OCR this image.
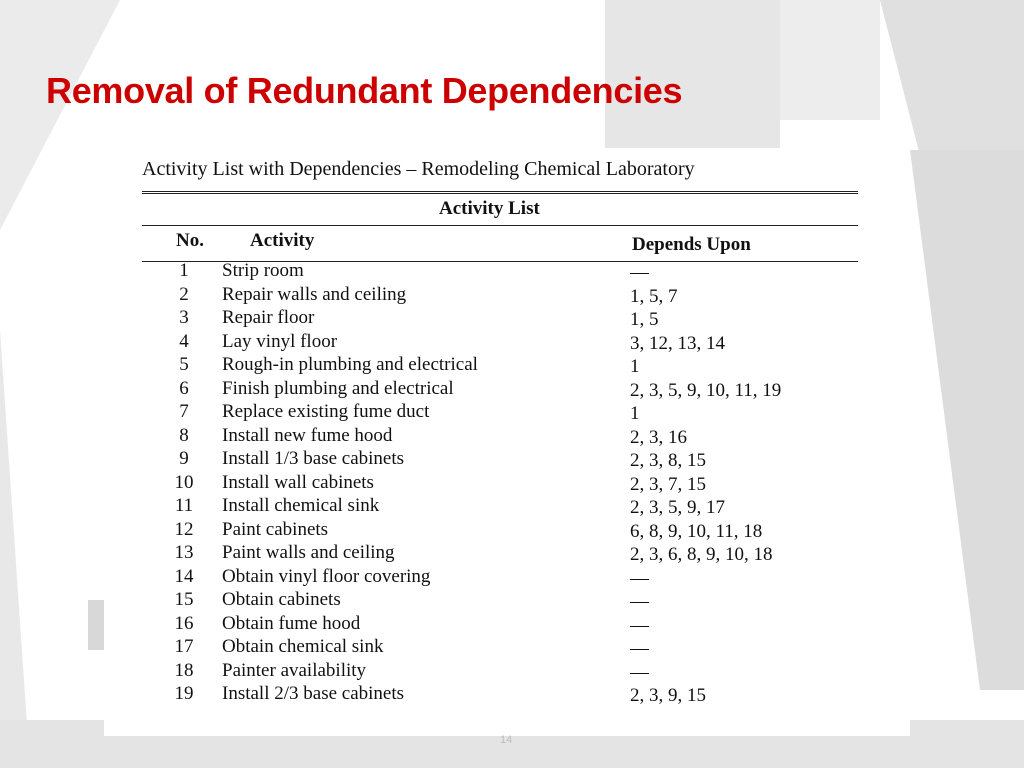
Removal of Redundant Dependencies
Activity List with Dependencies – Remodeling Chemical Laboratory
Activity List
No. Activity	Depends Upon
1	Strip room	—
2	Repair walls and ceiling	1, 5, 7
3	Repair floor	1, 5
4	Lay vinyl floor	3, 12, 13, 14
5	Rough-in plumbing and electrical	1
6	Finish plumbing and electrical	2, 3, 5, 9, 10, 11, 19
7	Replace existing fume duct	1
8	Install new fume hood	2, 3, 16
9	Install 1/3 base cabinets	2, 3, 8, 15
10	Install wall cabinets	2, 3, 7, 15
11	Install chemical sink	2, 3, 5, 9, 17
12	Paint cabinets	6, 8, 9, 10, 11, 18
13	Paint walls and ceiling	2, 3, 6, 8, 9, 10, 18
14	Obtain vinyl floor covering	—
15	Obtain cabinets	—
16	Obtain fume hood	—
17	Obtain chemical sink	—
18	Painter availability	—
19	Install 2/3 base cabinets	2, 3, 9, 15
14
